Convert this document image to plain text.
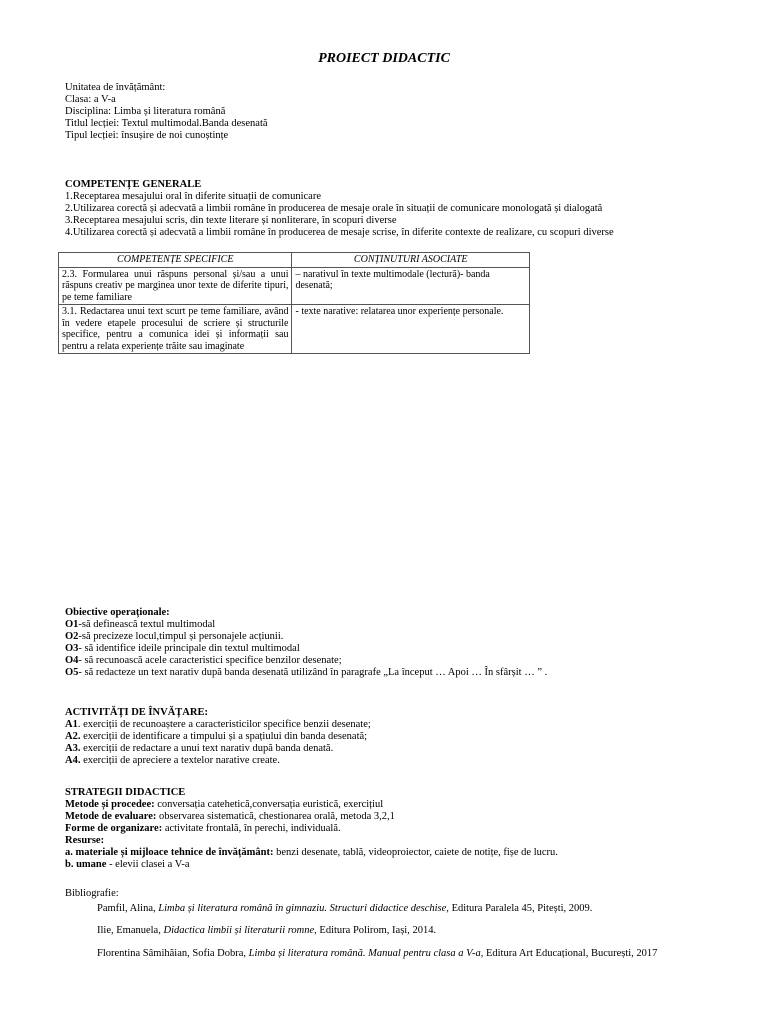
PROIECT DIDACTIC
Unitatea de învățământ:
Clasa: a V-a
Disciplina: Limba și literatura română
Titlul lecției: Textul multimodal.Banda desenată
Tipul lecției: însușire de noi cunoștințe
COMPETENȚE GENERALE
1.Receptarea mesajului oral în diferite situații de comunicare
2.Utilizarea corectă și adecvată a limbii române în producerea de mesaje orale în situații de comunicare monologată și dialogată
3.Receptarea mesajului scris, din texte literare și nonliterare, în scopuri diverse
4.Utilizarea corectă și adecvată a limbii române în producerea de mesaje scrise, în diferite contexte de realizare, cu scopuri diverse
COMPETENȚE SPECIFICE	CONȚINUTURI ASOCIATE
2.3. Formularea unui răspuns personal și/sau a unui răspuns creativ pe marginea unor texte de diferite tipuri, pe teme familiare	– narativul în texte multimodale (lectură)- banda desenată;
3.1. Redactarea unui text scurt pe teme familiare, având în vedere etapele procesului de scriere și structurile specifice, pentru a comunica idei și informații sau pentru a relata experiențe trăite sau imaginate	- texte narative: relatarea unor experiențe personale.
Obiective operaționale:
O1-să definească textul multimodal
O2-să precizeze locul,timpul și personajele acțiunii.
O3- să identifice ideile principale din textul multimodal
O4- să recunoască acele caracteristici specifice benzilor desenate;
O5- să redacteze un text narativ după banda desenată utilizând în paragrafe „La început … Apoi … În sfârșit … ” .
ACTIVITĂȚI DE ÎNVĂȚARE:
A1. exerciții de recunoaștere a caracteristicilor specifice benzii desenate;
A2. exerciții de identificare a timpului și a spațiului din banda desenată;
A3. exerciții de redactare a unui text narativ după banda denată.
A4. exerciții de apreciere a textelor narative create.
STRATEGII DIDACTICE
Metode și procedee: conversația catehetică,conversația euristică, exercițiul
Metode de evaluare: observarea sistematică, chestionarea orală, metoda 3,2,1
Forme de organizare: activitate frontală, în perechi, individuală.
Resurse:
a. materiale și mijloace tehnice de învățământ: benzi desenate, tablă, videoproiector, caiete de notițe, fișe de lucru.
b. umane - elevii clasei a V-a
Bibliografie:
Pamfil, Alina, Limba și literatura română în gimnaziu. Structuri didactice deschise, Editura Paralela 45, Pitești, 2009.
Ilie, Emanuela, Didactica limbii și literaturii romne, Editura Polirom, Iași, 2014.
Florentina Sâmihăian, Sofia Dobra, Limba și literatura română. Manual pentru clasa a V-a, Editura Art Educațional, București, 2017
